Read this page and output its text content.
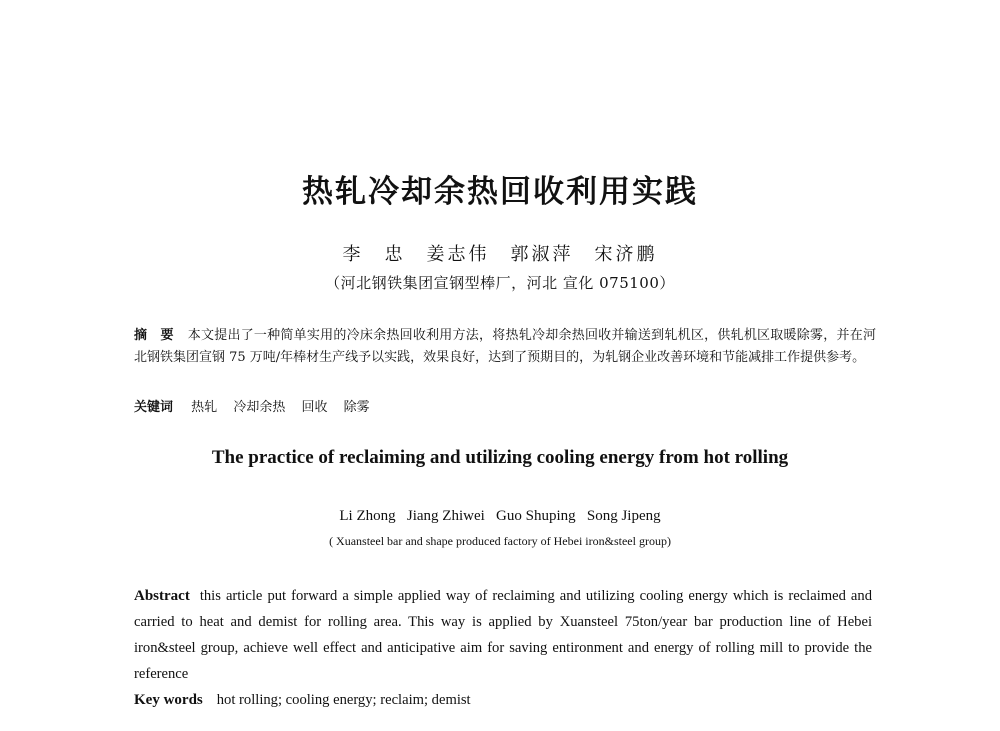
热轧冷却余热回收利用实践
李　忠　姜志伟　郭淑萍　宋济鹏
（河北钢铁集团宣钢型棒厂，河北 宣化 075100）
摘　要 本文提出了一种简单实用的冷床余热回收利用方法，将热轧冷却余热回收并输送到轧机区，供轧机区取暖除雾，并在河北钢铁集团宣钢 75 万吨/年棒材生产线予以实践，效果良好，达到了预期目的，为轧钢企业改善环境和节能减排工作提供参考。
关键词 热轧 冷却余热 回收 除雾
The practice of reclaiming and utilizing cooling energy from hot rolling
Li Zhong   Jiang Zhiwei   Guo Shuping   Song Jipeng
( Xuansteel bar and shape produced factory of Hebei iron&steel group)
Abstract this article put forward a simple applied way of reclaiming and utilizing cooling energy which is reclaimed and carried to heat and demist for rolling area. This way is applied by Xuansteel 75ton/year bar production line of Hebei iron&steel group, achieve well effect and anticipative aim for saving entironment and energy of rolling mill to provide the reference
Key words hot rolling; cooling energy; reclaim; demist
